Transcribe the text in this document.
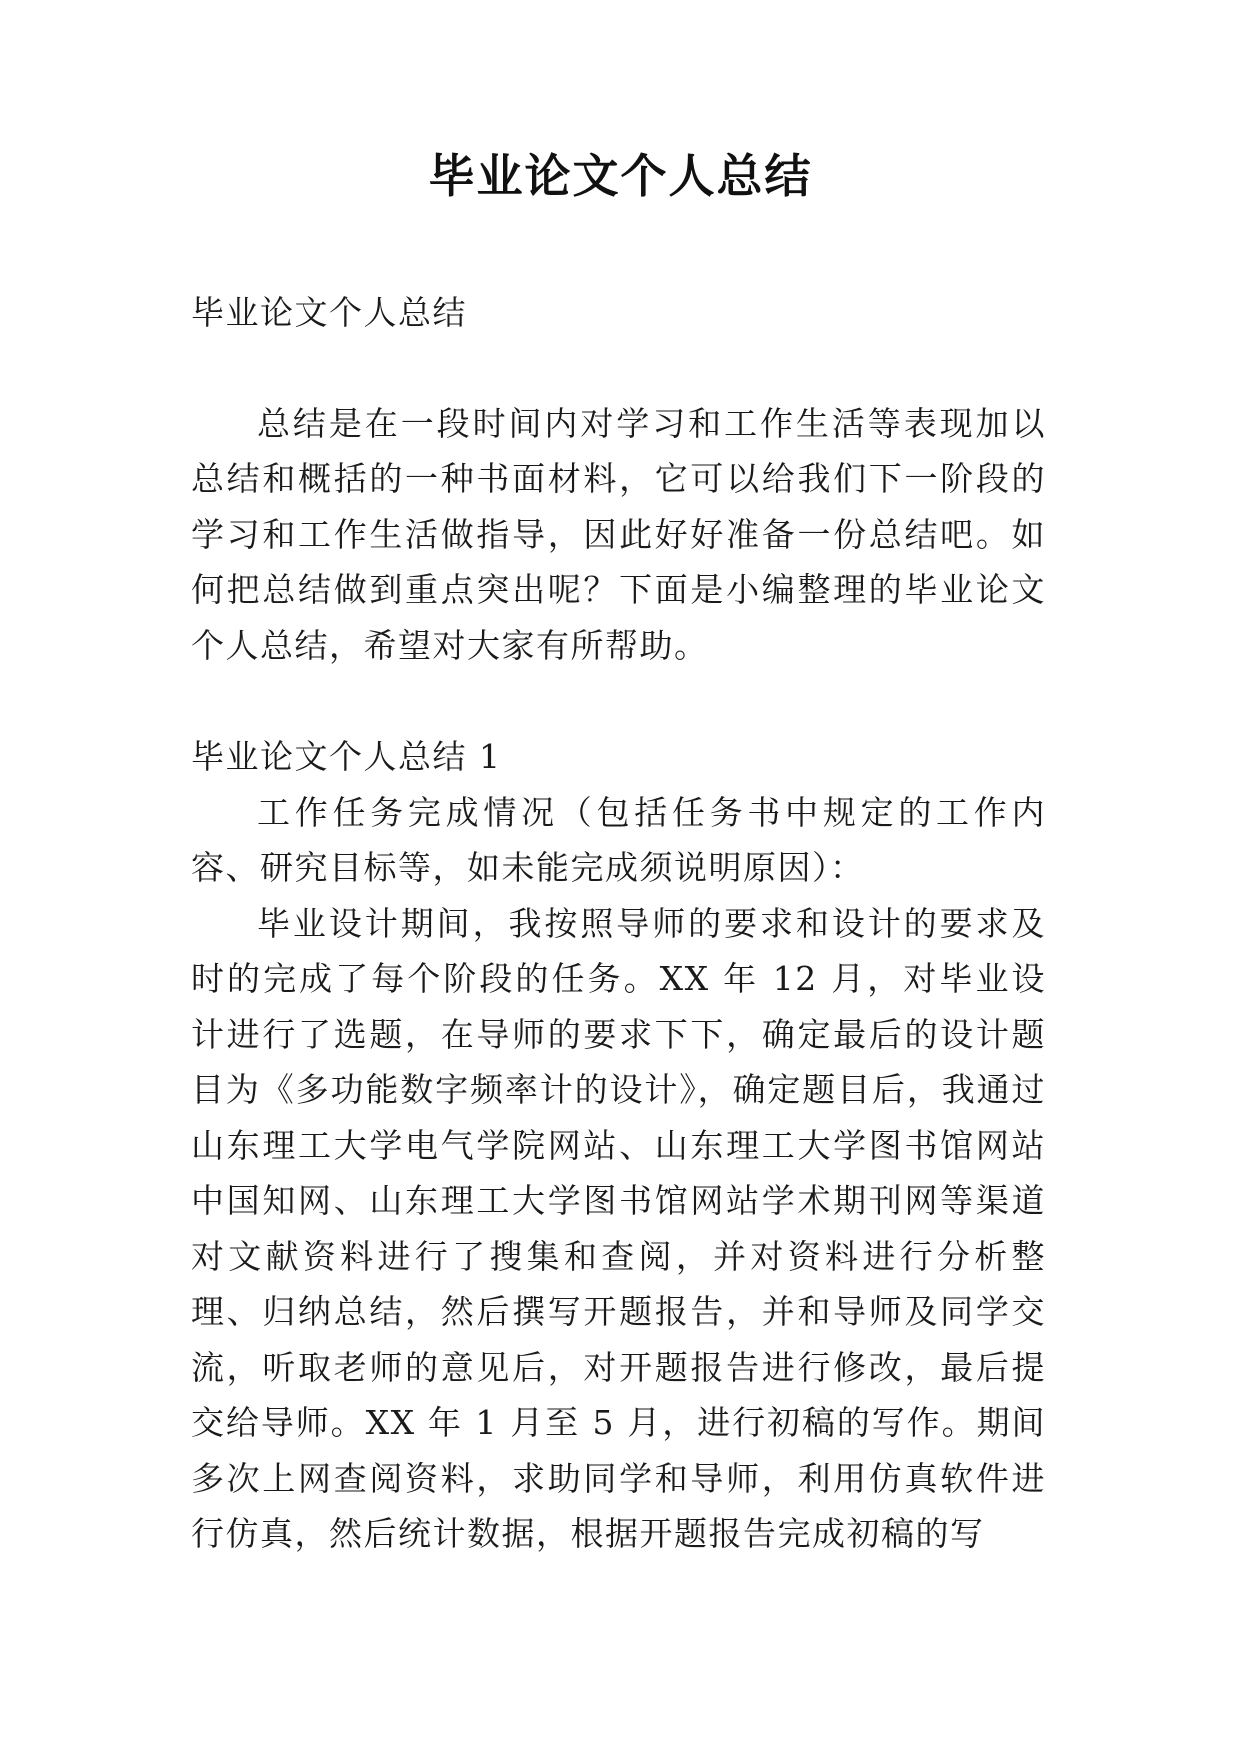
毕业论文个人总结

毕业论文个人总结

总结是在一段时间内对学习和工作生活等表现加以总结和概括的一种书面材料，它可以给我们下一阶段的学习和工作生活做指导，因此好好准备一份总结吧。如何把总结做到重点突出呢？下面是小编整理的毕业论文个人总结，希望对大家有所帮助。

毕业论文个人总结 1

工作任务完成情况（包括任务书中规定的工作内容、研究目标等，如未能完成须说明原因）：

毕业设计期间，我按照导师的要求和设计的要求及时的完成了每个阶段的任务。XX 年 12 月，对毕业设计进行了选题，在导师的要求下下，确定最后的设计题目为《多功能数字频率计的设计》，确定题目后，我通过山东理工大学电气学院网站、山东理工大学图书馆网站中国知网、山东理工大学图书馆网站学术期刊网等渠道对文献资料进行了搜集和查阅，并对资料进行分析整理、归纳总结，然后撰写开题报告，并和导师及同学交流，听取老师的意见后，对开题报告进行修改，最后提交给导师。XX 年 1 月至 5 月，进行初稿的写作。期间多次上网查阅资料，求助同学和导师，利用仿真软件进行仿真，然后统计数据，根据开题报告完成初稿的写
